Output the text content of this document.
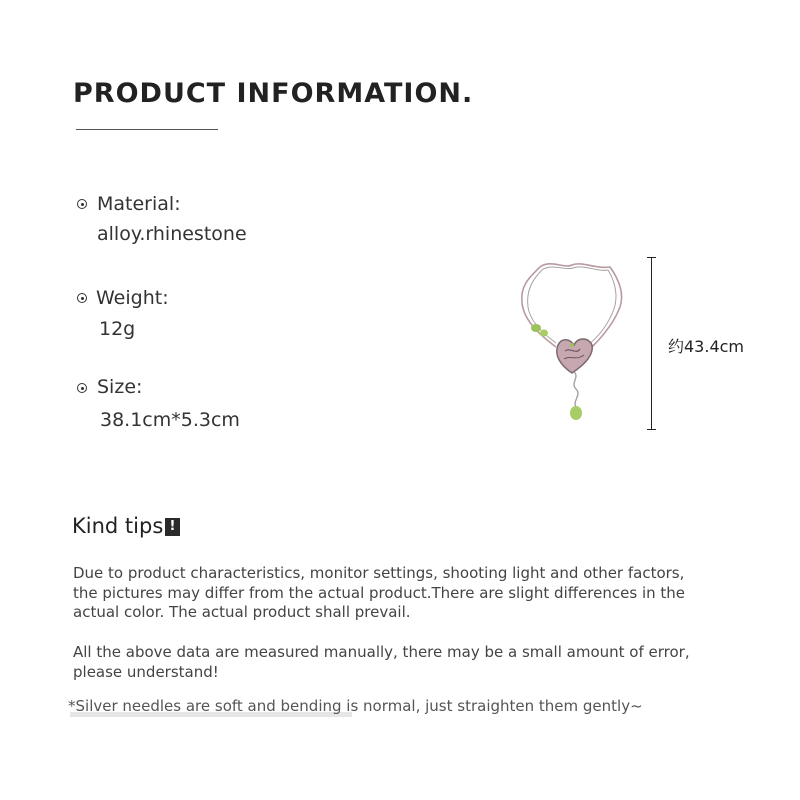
PRODUCT INFORMATION.
Material:
alloy.rhinestone
Weight:
12g
Size:
38.1cm*5.3cm
约43.4cm
Kind tips !
Due to product characteristics, monitor settings, shooting light and other factors, the pictures may differ from the actual product.There are slight differences in the actual color. The actual product shall prevail.
All the above data are measured manually, there may be a small amount of error, please understand!
*Silver needles are soft and bending is normal, just straighten them gently~
